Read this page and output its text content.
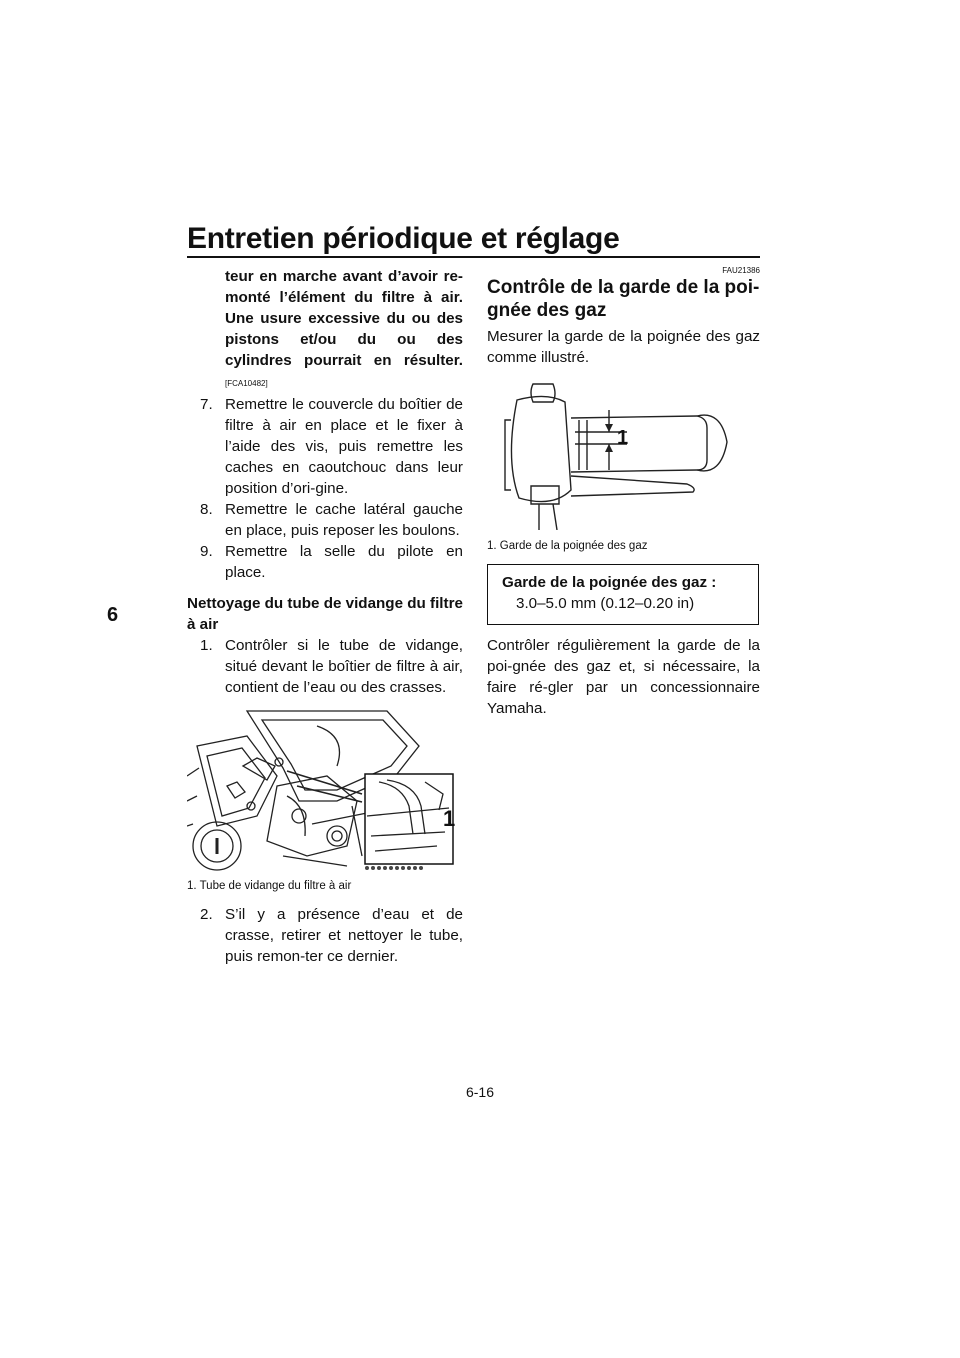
Entretien périodique et réglage
6
teur en marche avant d’avoir re-monté l’élément du filtre à air. Une usure excessive du ou des pistons et/ou du ou des cylindres pourrait en résulter. [FCA10482]
7. Remettre le couvercle du boîtier de filtre à air en place et le fixer à l’aide des vis, puis remettre les caches en caoutchouc dans leur position d’ori-gine.
8. Remettre le cache latéral gauche en place, puis reposer les boulons.
9. Remettre la selle du pilote en place.
Nettoyage du tube de vidange du filtre à air
1. Contrôler si le tube de vidange, situé devant le boîtier de filtre à air, contient de l’eau ou des crasses.
1
1. Tube de vidange du filtre à air
2. S’il y a présence d’eau et de crasse, retirer et nettoyer le tube, puis remon-ter ce dernier.
FAU21386
Contrôle de la garde de la poi-gnée des gaz
Mesurer la garde de la poignée des gaz comme illustré.
1
1. Garde de la poignée des gaz
Garde de la poignée des gaz :
3.0–5.0 mm (0.12–0.20 in)
Contrôler régulièrement la garde de la poi-gnée des gaz et, si nécessaire, la faire ré-gler par un concessionnaire Yamaha.
6-16
